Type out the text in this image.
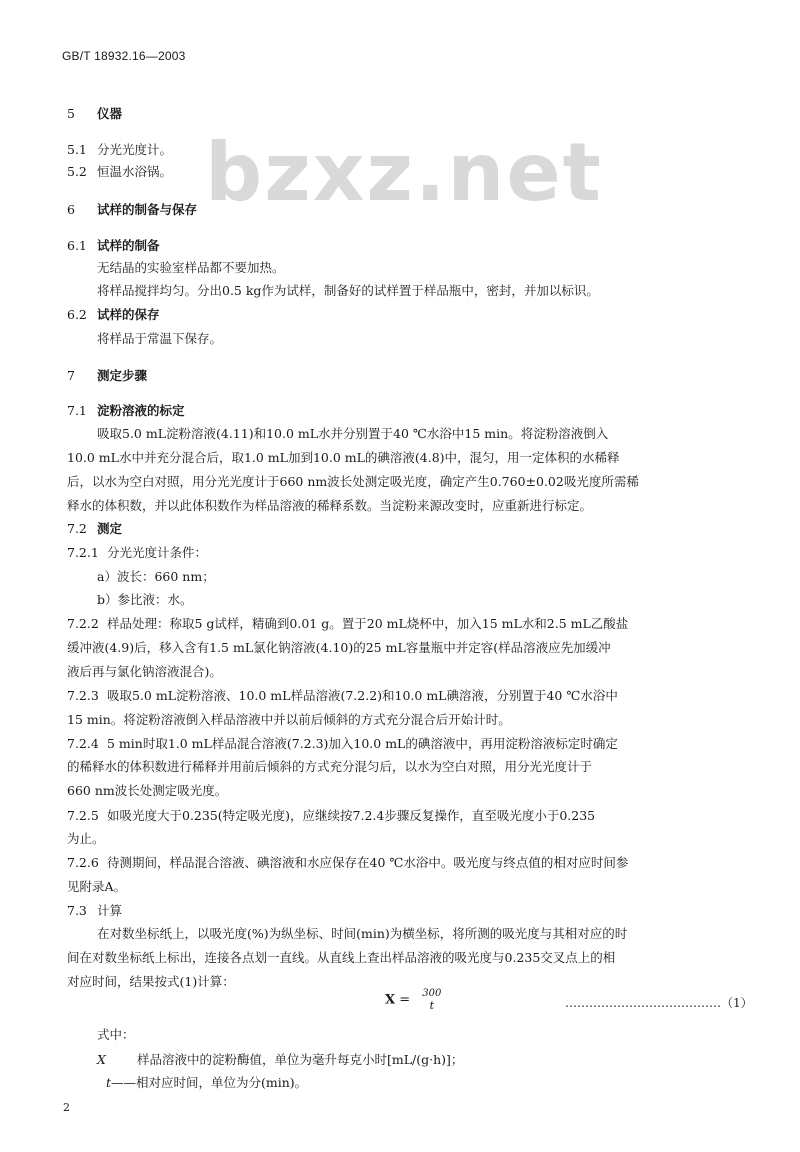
GB/T 18932.16—2003
bzxz.net
5 仪器
5.1 分光光度计。
5.2 恒温水浴锅。
6 试样的制备与保存
6.1 试样的制备
无结晶的实验室样品都不要加热。
将样品搅拌均匀。分出0.5 kg作为试样，制备好的试样置于样品瓶中，密封，并加以标识。
6.2 试样的保存
将样品于常温下保存。
7 测定步骤
7.1 淀粉溶液的标定
吸取5.0 mL淀粉溶液(4.11)和10.0 mL水并分别置于40 ℃水浴中15 min。将淀粉溶液倒入
10.0 mL水中并充分混合后，取1.0 mL加到10.0 mL的碘溶液(4.8)中，混匀，用一定体积的水稀释
后，以水为空白对照，用分光光度计于660 nm波长处测定吸光度，确定产生0.760±0.02吸光度所需稀
释水的体积数，并以此体积数作为样品溶液的稀释系数。当淀粉来源改变时，应重新进行标定。
7.2 测定
7.2.1 分光光度计条件：
a）波长：660 nm；
b）参比液：水。
7.2.2 样品处理：称取5 g试样，精确到0.01 g。置于20 mL烧杯中，加入15 mL水和2.5 mL乙酸盐
缓冲液(4.9)后，移入含有1.5 mL氯化钠溶液(4.10)的25 mL容量瓶中并定容(样品溶液应先加缓冲
液后再与氯化钠溶液混合)。
7.2.3 吸取5.0 mL淀粉溶液、10.0 mL样品溶液(7.2.2)和10.0 mL碘溶液，分别置于40 ℃水浴中
15 min。将淀粉溶液倒入样品溶液中并以前后倾斜的方式充分混合后开始计时。
7.2.4 5 min时取1.0 mL样品混合溶液(7.2.3)加入10.0 mL的碘溶液中，再用淀粉溶液标定时确定
的稀释水的体积数进行稀释并用前后倾斜的方式充分混匀后，以水为空白对照，用分光光度计于
660 nm波长处测定吸光度。
7.2.5 如吸光度大于0.235(特定吸光度)，应继续按7.2.4步骤反复操作，直至吸光度小于0.235
为止。
7.2.6 待测期间，样品混合溶液、碘溶液和水应保存在40 ℃水浴中。吸光度与终点值的相对应时间参
见附录A。
7.3 计算
在对数坐标纸上，以吸光度(%)为纵坐标、时间(min)为横坐标，将所测的吸光度与其相对应的时
间在对数坐标纸上标出，连接各点划一直线。从直线上查出样品溶液的吸光度与0.235交叉点上的相
对应时间，结果按式(1)计算：
X = 300
t	…………………………………（1）
式中：
X 样品溶液中的淀粉酶值，单位为毫升每克小时[mL/(g·h)]；
t——相对应时间，单位为分(min)。
2
